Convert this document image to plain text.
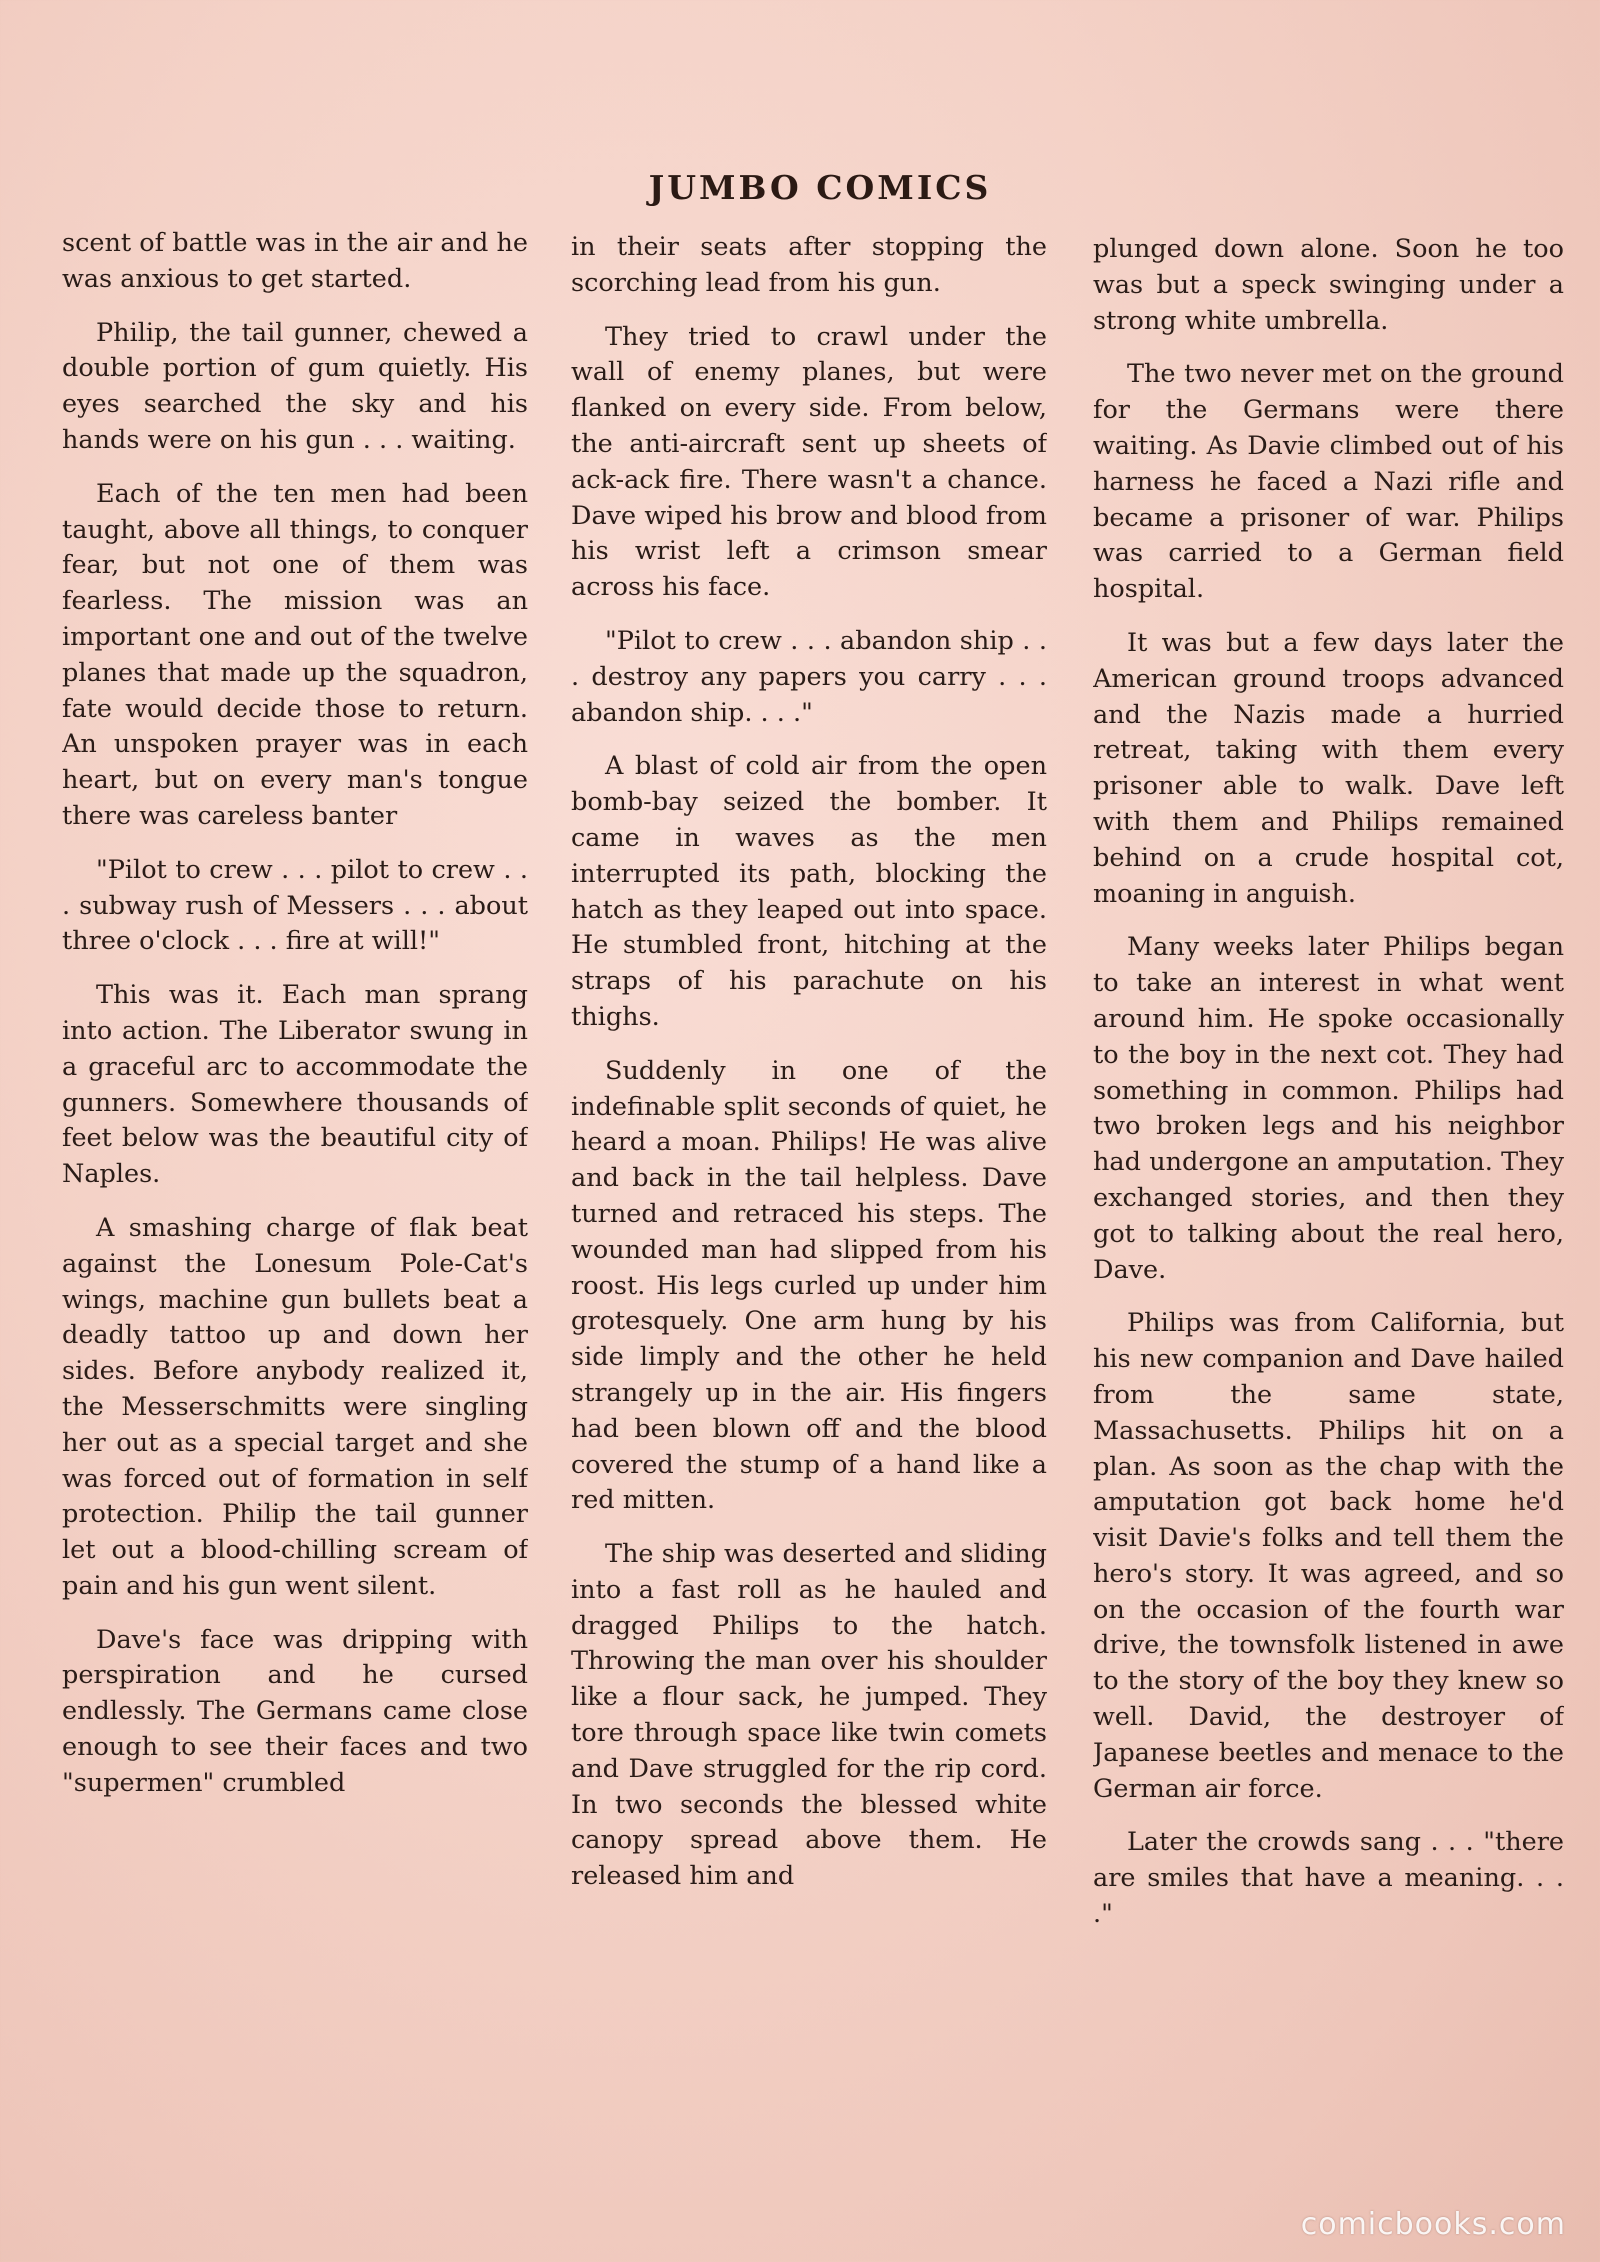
JUMBO COMICS

scent of battle was in the air and he was anxious to get started.

Philip, the tail gunner, chewed a double portion of gum quietly. His eyes searched the sky and his hands were on his gun . . . waiting.

Each of the ten men had been taught, above all things, to conquer fear, but not one of them was fearless. The mission was an important one and out of the twelve planes that made up the squadron, fate would decide those to return. An unspoken prayer was in each heart, but on every man's tongue there was careless banter

"Pilot to crew . . . pilot to crew . . . subway rush of Messers . . . about three o'clock . . . fire at will!"

This was it. Each man sprang into action. The Liberator swung in a graceful arc to accommodate the gunners. Somewhere thousands of feet below was the beautiful city of Naples.

A smashing charge of flak beat against the Lonesum Pole-Cat's wings, machine gun bullets beat a deadly tattoo up and down her sides. Before anybody realized it, the Messerschmitts were singling her out as a special target and she was forced out of formation in self protection. Philip the tail gunner let out a blood-chilling scream of pain and his gun went silent.

Dave's face was dripping with perspiration and he cursed endlessly. The Germans came close enough to see their faces and two "supermen" crumbled

in their seats after stopping the scorching lead from his gun.

They tried to crawl under the wall of enemy planes, but were flanked on every side. From below, the anti-aircraft sent up sheets of ack-ack fire. There wasn't a chance. Dave wiped his brow and blood from his wrist left a crimson smear across his face.

"Pilot to crew . . . abandon ship . . . destroy any papers you carry . . . abandon ship. . . ."

A blast of cold air from the open bomb-bay seized the bomber. It came in waves as the men interrupted its path, blocking the hatch as they leaped out into space. He stumbled front, hitching at the straps of his parachute on his thighs.

Suddenly in one of the indefinable split seconds of quiet, he heard a moan. Philips! He was alive and back in the tail helpless. Dave turned and retraced his steps. The wounded man had slipped from his roost. His legs curled up under him grotesquely. One arm hung by his side limply and the other he held strangely up in the air. His fingers had been blown off and the blood covered the stump of a hand like a red mitten.

The ship was deserted and sliding into a fast roll as he hauled and dragged Philips to the hatch. Throwing the man over his shoulder like a flour sack, he jumped. They tore through space like twin comets and Dave struggled for the rip cord. In two seconds the blessed white canopy spread above them. He released him and

plunged down alone. Soon he too was but a speck swinging under a strong white umbrella.

The two never met on the ground for the Germans were there waiting. As Davie climbed out of his harness he faced a Nazi rifle and became a prisoner of war. Philips was carried to a German field hospital.

It was but a few days later the American ground troops advanced and the Nazis made a hurried retreat, taking with them every prisoner able to walk. Dave left with them and Philips remained behind on a crude hospital cot, moaning in anguish.

Many weeks later Philips began to take an interest in what went around him. He spoke occasionally to the boy in the next cot. They had something in common. Philips had two broken legs and his neighbor had undergone an amputation. They exchanged stories, and then they got to talking about the real hero, Dave.

Philips was from California, but his new companion and Dave hailed from the same state, Massachusetts. Philips hit on a plan. As soon as the chap with the amputation got back home he'd visit Davie's folks and tell them the hero's story. It was agreed, and so on the occasion of the fourth war drive, the townsfolk listened in awe to the story of the boy they knew so well. David, the destroyer of Japanese beetles and menace to the German air force.

Later the crowds sang . . . "there are smiles that have a meaning. . . ."

comicbooks.com
